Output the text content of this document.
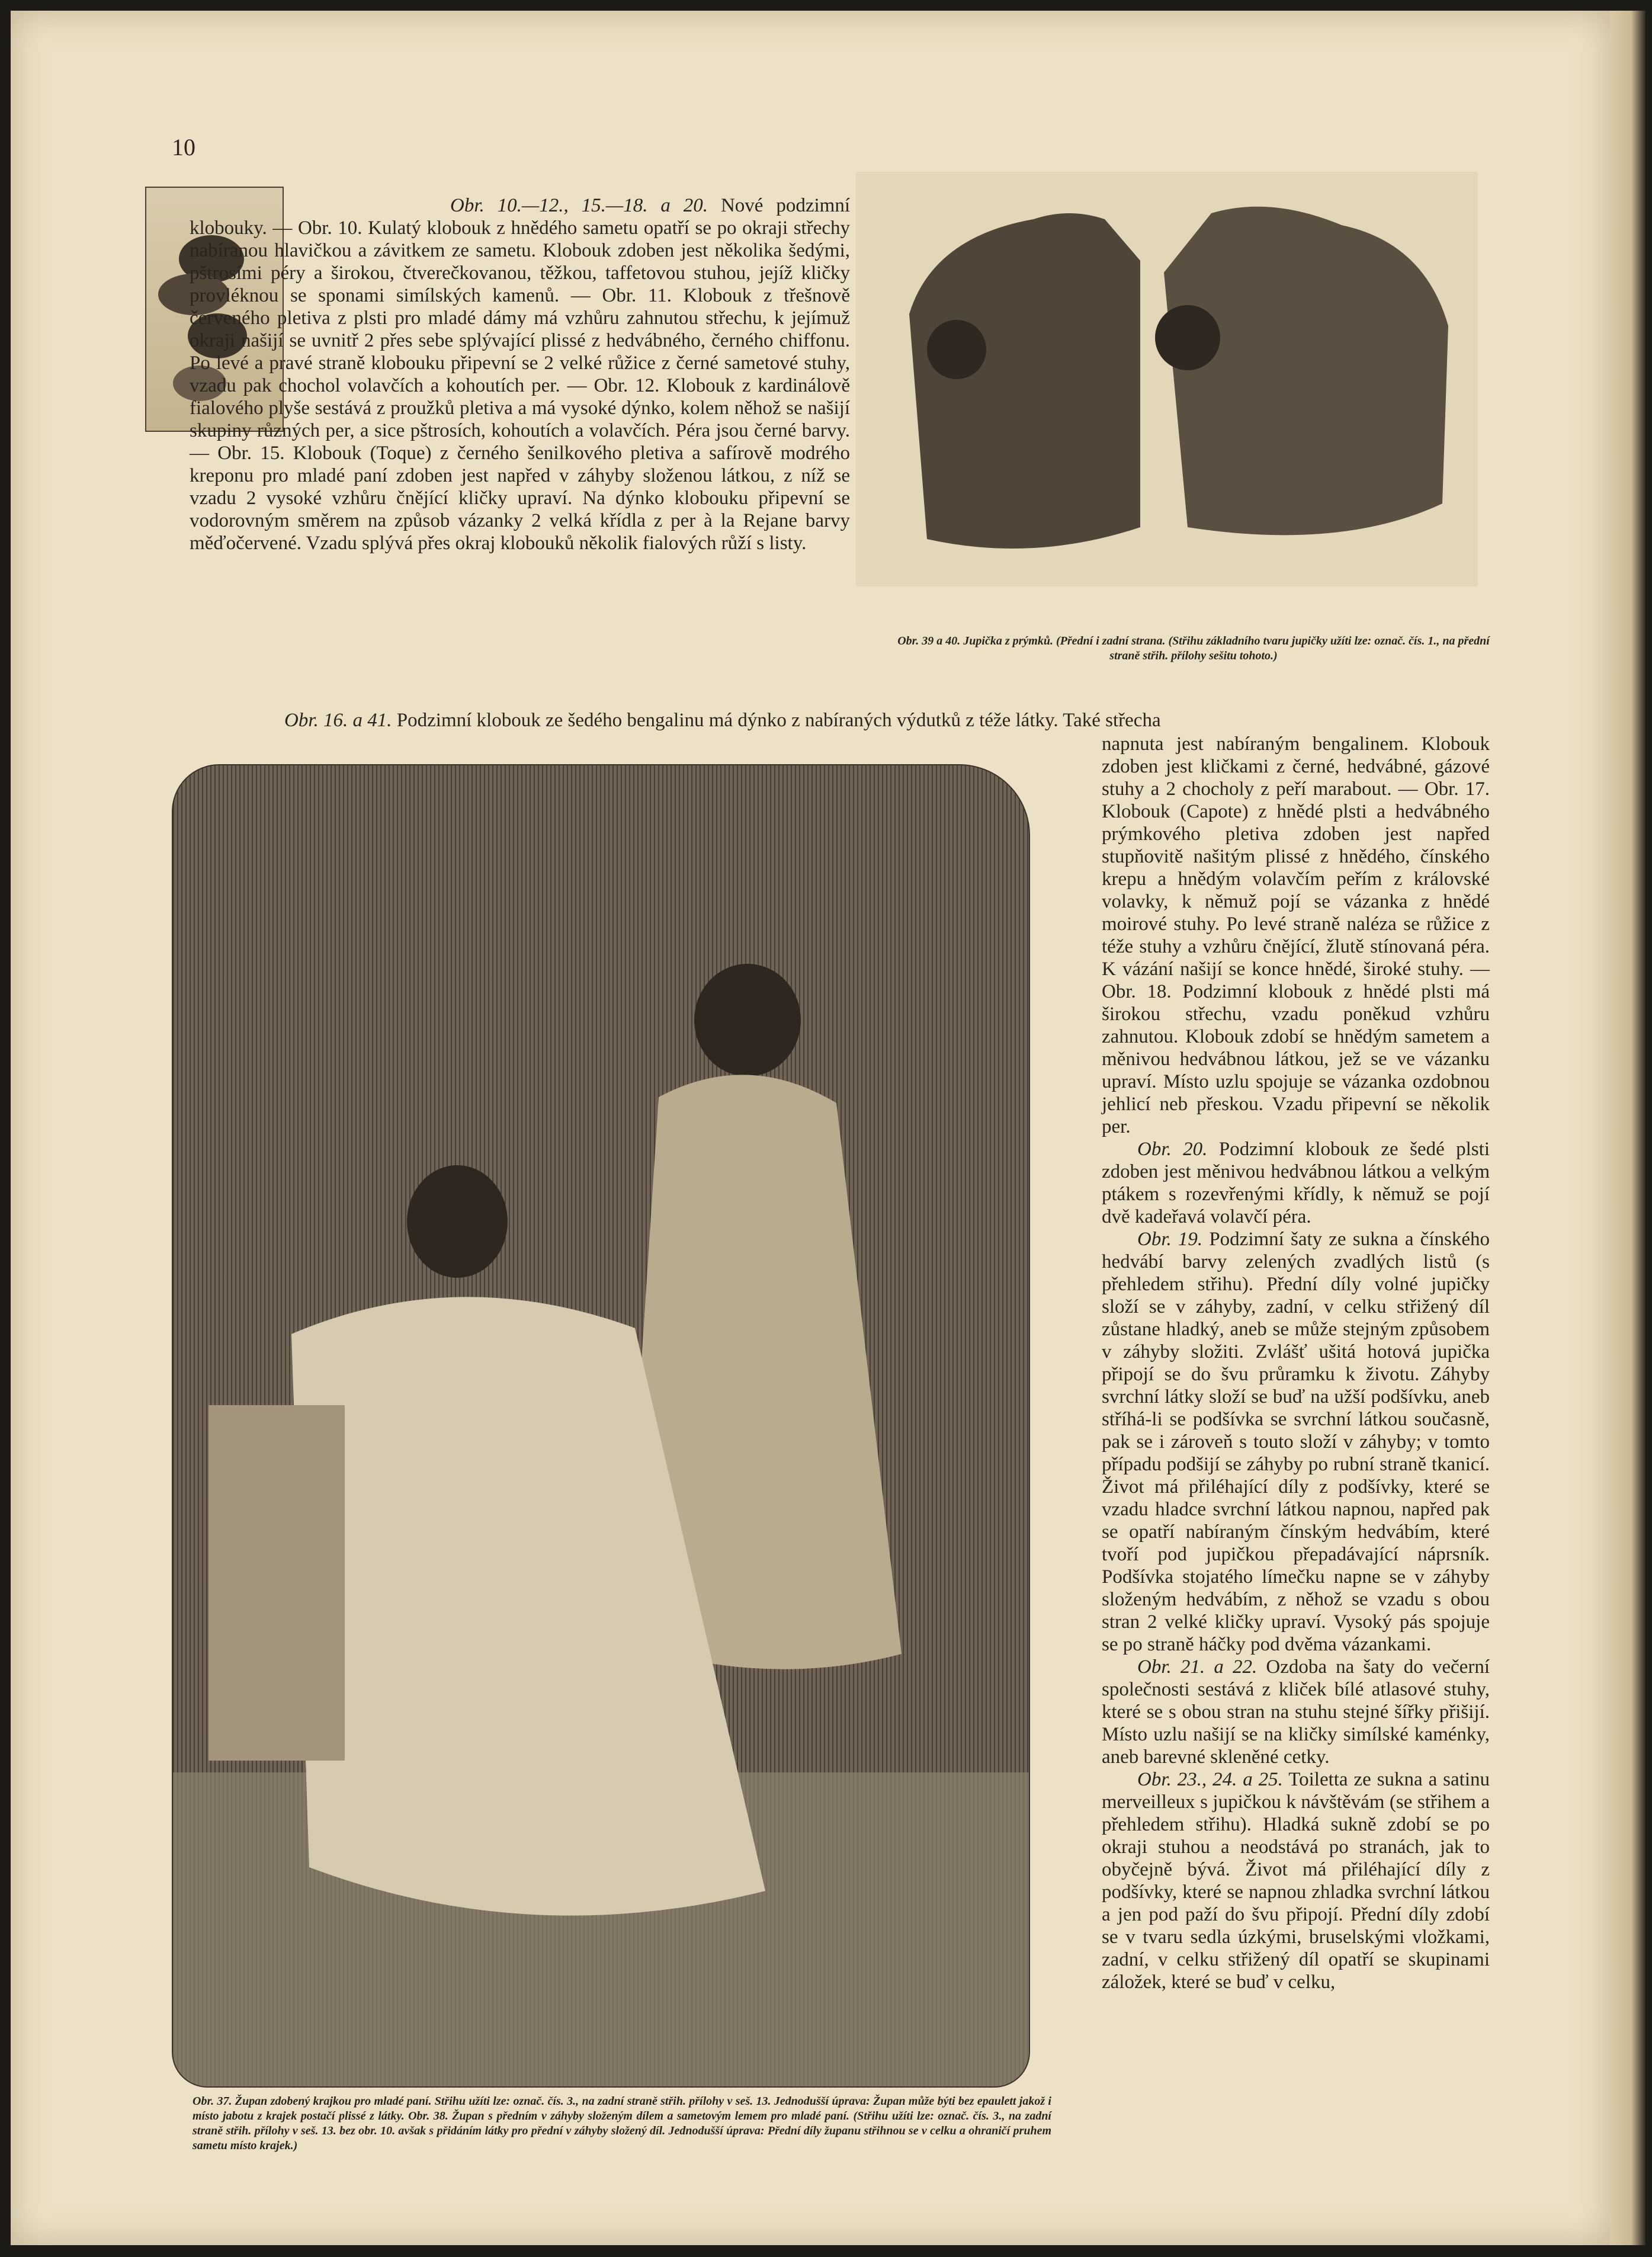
10

Obr. 10.—12., 15.—18. a 20. Nové podzimní klobouky. — Obr. 10. Kulatý klobouk z hnědého sametu opatří se po okraji střechy nabíranou hlavičkou a závitkem ze sametu. Klobouk zdoben jest několika šedými, pštrosími péry a širokou, čtverečkovanou, těžkou, taffetovou stuhou, jejíž kličky provléknou se sponami simílských kamenů. — Obr. 11. Klobouk z třešnově červeného pletiva z plsti pro mladé dámy má vzhůru zahnutou střechu, k jejímuž okraji našijí se uvnitř 2 přes sebe splývající plissé z hedvábného, černého chiffonu. Po levé a pravé straně klobouku připevní se 2 velké růžice z černé sametové stuhy, vzadu pak chochol volavčích a kohoutích per. — Obr. 12. Klobouk z kardinálově fialového plyše sestává z proužků pletiva a má vysoké dýnko, kolem něhož se našijí skupiny různých per, a sice pštrosích, kohoutích a volavčích. Péra jsou černé barvy. — Obr. 15. Klobouk (Toque) z černého šenilkového pletiva a safírově modrého kreponu pro mladé paní zdoben jest napřed v záhyby složenou látkou, z níž se vzadu 2 vysoké vzhůru čnějící kličky upraví. Na dýnko klobouku připevní se vodorovným směrem na způsob vázanky 2 velká křídla z per à la Rejane barvy měďočervené. Vzadu splývá přes okraj klobouků několik fialových růží s listy.

Obr. 39 a 40. Jupička z prýmků. (Přední i zadní strana. (Střihu základního tvaru jupičky užíti lze: označ. čís. 1., na přední straně střih. přílohy sešitu tohoto.)
Obr. 16. a 41. Podzimní klobouk ze šedého bengalinu má dýnko z nabíraných výdutků z téže látky. Také střecha

napnuta jest nabíraným bengalinem. Klobouk zdoben jest kličkami z černé, hedvábné, gázové stuhy a 2 chocholy z peří marabout. — Obr. 17. Klobouk (Capote) z hnědé plsti a hedvábného prýmkového pletiva zdoben jest napřed stupňovitě našitým plissé z hnědého, čínského krepu a hnědým volavčím peřím z královské volavky, k němuž pojí se vázanka z hnědé moirové stuhy. Po levé straně naléza se růžice z téže stuhy a vzhůru čnějící, žlutě stínovaná péra. K vázání našijí se konce hnědé, široké stuhy. — Obr. 18. Podzimní klobouk z hnědé plsti má širokou střechu, vzadu poněkud vzhůru zahnutou. Klobouk zdobí se hnědým sametem a měnivou hedvábnou látkou, jež se ve vázanku upraví. Místo uzlu spojuje se vázanka ozdobnou jehlicí neb přeskou. Vzadu připevní se několik per.

Obr. 20. Podzimní klobouk ze šedé plsti zdoben jest měnivou hedvábnou látkou a velkým ptákem s rozevřenými křídly, k němuž se pojí dvě kadeřavá volavčí péra.

Obr. 19. Podzimní šaty ze sukna a čínského hedvábí barvy zelených zvadlých listů (s přehledem střihu). Přední díly volné jupičky složí se v záhyby, zadní, v celku střižený díl zůstane hladký, aneb se může stejným způsobem v záhyby složiti. Zvlášť ušitá hotová jupička připojí se do švu průramku k životu. Záhyby svrchní látky složí se buď na užší podšívku, aneb stříhá-li se podšívka se svrchní látkou současně, pak se i zároveň s touto složí v záhyby; v tomto případu podšijí se záhyby po rubní straně tkanicí. Život má přiléhající díly z podšívky, které se vzadu hladce svrchní látkou napnou, napřed pak se opatří nabíraným čínským hedvábím, které tvoří pod jupičkou přepadávající náprsník. Podšívka stojatého límečku napne se v záhyby složeným hedvábím, z něhož se vzadu s obou stran 2 velké kličky upraví. Vysoký pás spojuje se po straně háčky pod dvěma vázankami.

Obr. 21. a 22. Ozdoba na šaty do večerní společnosti sestává z kliček bílé atlasové stuhy, které se s obou stran na stuhu stejné šířky přišijí. Místo uzlu našijí se na kličky simílské kaménky, aneb barevné skleněné cetky.

Obr. 23., 24. a 25. Toiletta ze sukna a satinu merveilleux s jupičkou k návštěvám (se střihem a přehledem střihu). Hladká sukně zdobí se po okraji stuhou a neodstává po stranách, jak to obyčejně bývá. Život má přiléhající díly z podšívky, které se napnou zhladka svrchní látkou a jen pod paží do švu připojí. Přední díly zdobí se v tvaru sedla úzkými, bruselskými vložkami, zadní, v celku střižený díl opatří se skupinami záložek, které se buď v celku,

Obr. 37. Župan zdobený krajkou pro mladé paní. Střihu užíti lze: označ. čís. 3., na zadní straně střih. přílohy v seš. 13. Jednodušší úprava: Župan může býti bez epaulett jakož i místo jabotu z krajek postačí plissé z látky. Obr. 38. Župan s předním v záhyby složeným dílem a sametovým lemem pro mladé paní. (Střihu užíti lze: označ. čís. 3., na zadní straně střih. přílohy v seš. 13. bez obr. 10. avšak s přidáním látky pro přední v záhyby složený díl. Jednodušší úprava: Přední díly županu střihnou se v celku a ohraničí pruhem sametu místo krajek.)
